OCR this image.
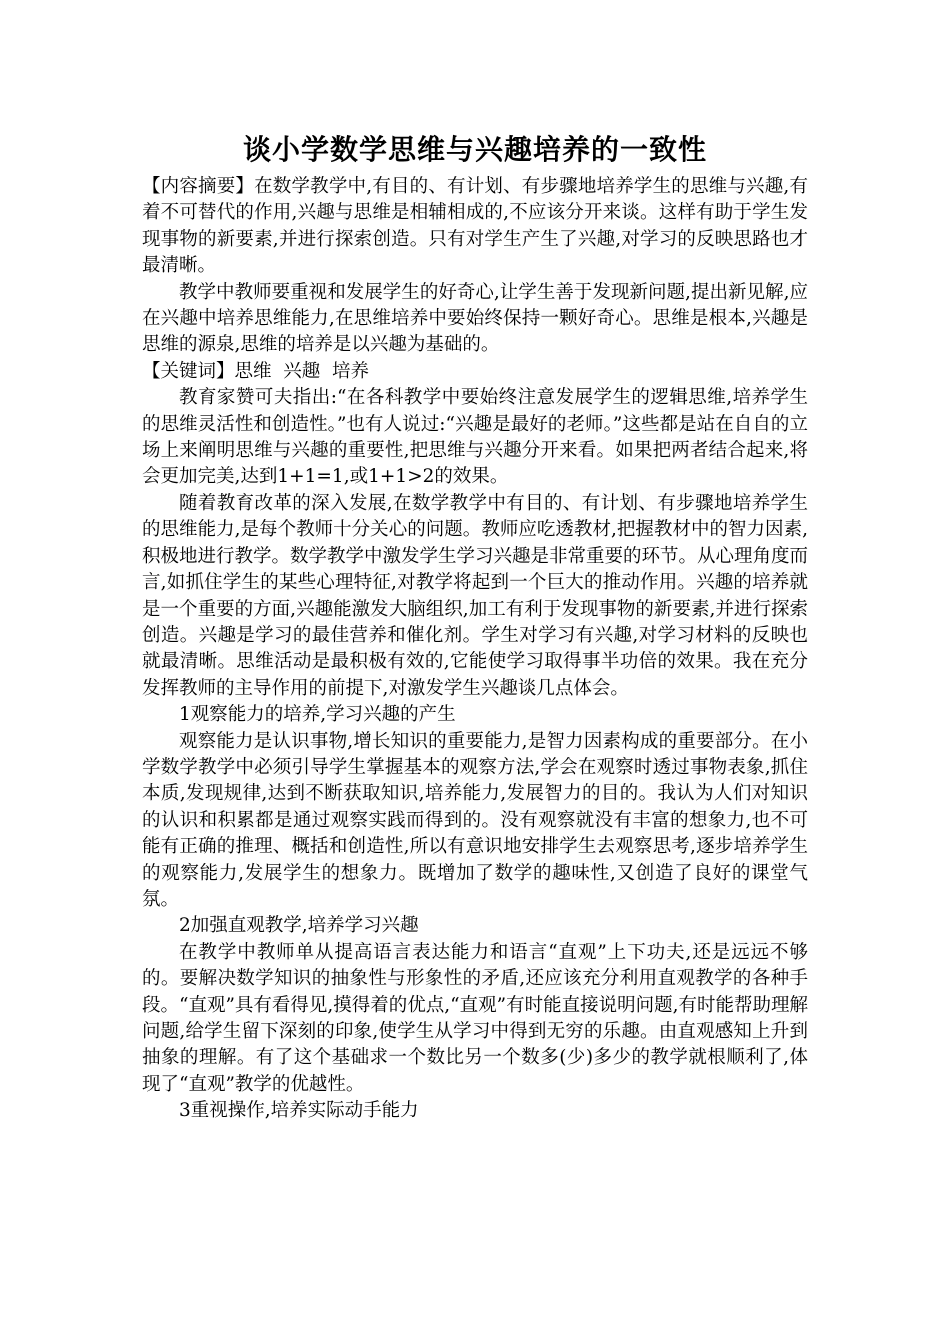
谈小学数学思维与兴趣培养的一致性

【内容摘要】在数学教学中,有目的、有计划、有步骤地培养学生的思维与兴趣,有着不可替代的作用,兴趣与思维是相辅相成的,不应该分开来谈。这样有助于学生发现事物的新要素,并进行探索创造。只有对学生产生了兴趣,对学习的反映思路也才最清晰。

教学中教师要重视和发展学生的好奇心,让学生善于发现新问题,提出新见解,应在兴趣中培养思维能力,在思维培养中要始终保持一颗好奇心。思维是根本,兴趣是思维的源泉,思维的培养是以兴趣为基础的。

【关键词】思维  兴趣  培养

教育家赞可夫指出:“在各科教学中要始终注意发展学生的逻辑思维,培养学生的思维灵活性和创造性。”也有人说过:“兴趣是最好的老师。”这些都是站在自自的立场上来阐明思维与兴趣的重要性,把思维与兴趣分开来看。如果把两者结合起来,将会更加完美,达到1+1=1,或1+1>2的效果。

随着教育改革的深入发展,在数学教学中有目的、有计划、有步骤地培养学生的思维能力,是每个教师十分关心的问题。教师应吃透教材,把握教材中的智力因素,积极地进行教学。数学教学中激发学生学习兴趣是非常重要的环节。从心理角度而言,如抓住学生的某些心理特征,对教学将起到一个巨大的推动作用。兴趣的培养就是一个重要的方面,兴趣能激发大脑组织,加工有利于发现事物的新要素,并进行探索创造。兴趣是学习的最佳营养和催化剂。学生对学习有兴趣,对学习材料的反映也就最清晰。思维活动是最积极有效的,它能使学习取得事半功倍的效果。我在充分发挥教师的主导作用的前提下,对激发学生兴趣谈几点体会。

1观察能力的培养,学习兴趣的产生

观察能力是认识事物,增长知识的重要能力,是智力因素构成的重要部分。在小学数学教学中必须引导学生掌握基本的观察方法,学会在观察时透过事物表象,抓住本质,发现规律,达到不断获取知识,培养能力,发展智力的目的。我认为人们对知识的认识和积累都是通过观察实践而得到的。没有观察就没有丰富的想象力,也不可能有正确的推理、概括和创造性,所以有意识地安排学生去观察思考,逐步培养学生的观察能力,发展学生的想象力。既增加了数学的趣味性,又创造了良好的课堂气氛。

2加强直观教学,培养学习兴趣

在教学中教师单从提高语言表达能力和语言“直观”上下功夫,还是远远不够的。要解决数学知识的抽象性与形象性的矛盾,还应该充分利用直观教学的各种手段。“直观”具有看得见,摸得着的优点,“直观”有时能直接说明问题,有时能帮助理解问题,给学生留下深刻的印象,使学生从学习中得到无穷的乐趣。由直观感知上升到抽象的理解。有了这个基础求一个数比另一个数多(少)多少的教学就根顺利了,体现了“直观”教学的优越性。

3重视操作,培养实际动手能力
